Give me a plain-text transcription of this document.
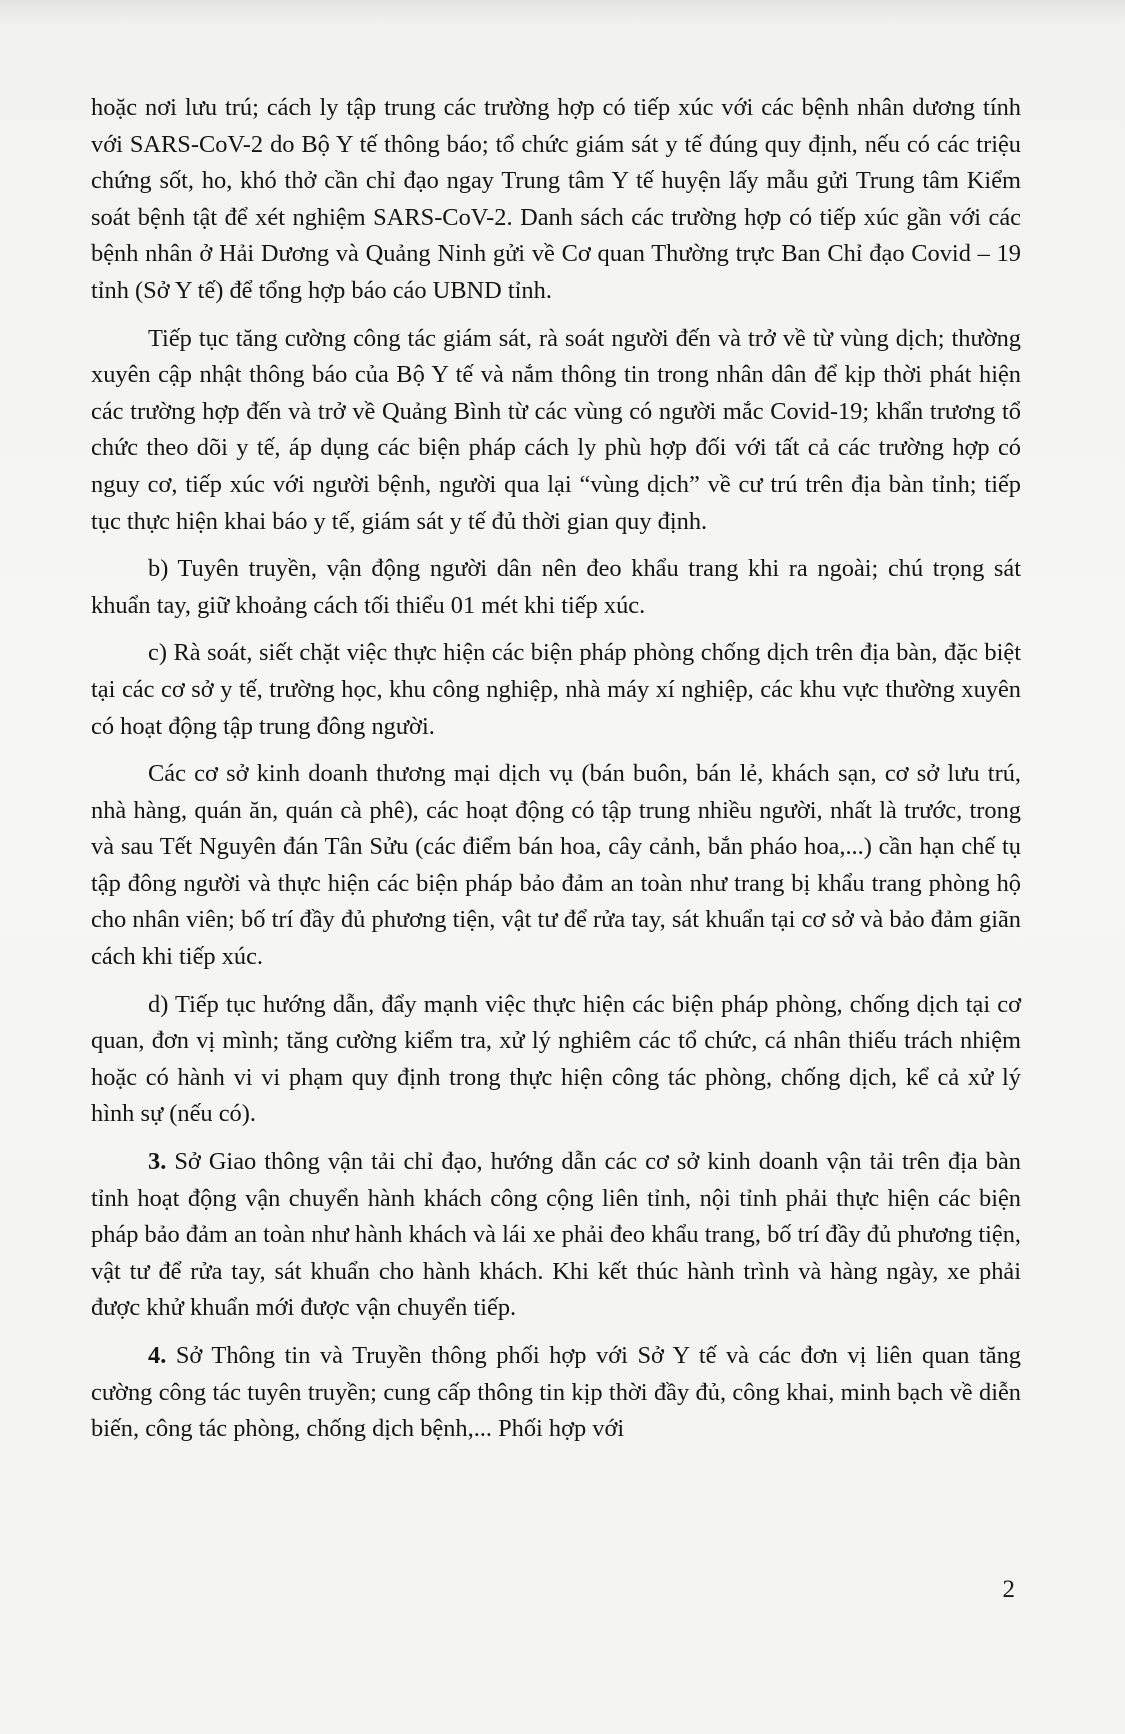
hoặc nơi lưu trú; cách ly tập trung các trường hợp có tiếp xúc với các bệnh nhân dương tính với SARS-CoV-2 do Bộ Y tế thông báo; tổ chức giám sát y tế đúng quy định, nếu có các triệu chứng sốt, ho, khó thở cần chỉ đạo ngay Trung tâm Y tế huyện lấy mẫu gửi Trung tâm Kiểm soát bệnh tật để xét nghiệm SARS-CoV-2. Danh sách các trường hợp có tiếp xúc gần với các bệnh nhân ở Hải Dương và Quảng Ninh gửi về Cơ quan Thường trực Ban Chỉ đạo Covid – 19 tỉnh (Sở Y tế) để tổng hợp báo cáo UBND tỉnh.

Tiếp tục tăng cường công tác giám sát, rà soát người đến và trở về từ vùng dịch; thường xuyên cập nhật thông báo của Bộ Y tế và nắm thông tin trong nhân dân để kịp thời phát hiện các trường hợp đến và trở về Quảng Bình từ các vùng có người mắc Covid-19; khẩn trương tổ chức theo dõi y tế, áp dụng các biện pháp cách ly phù hợp đối với tất cả các trường hợp có nguy cơ, tiếp xúc với người bệnh, người qua lại “vùng dịch” về cư trú trên địa bàn tỉnh; tiếp tục thực hiện khai báo y tế, giám sát y tế đủ thời gian quy định.

b) Tuyên truyền, vận động người dân nên đeo khẩu trang khi ra ngoài; chú trọng sát khuẩn tay, giữ khoảng cách tối thiểu 01 mét khi tiếp xúc.

c) Rà soát, siết chặt việc thực hiện các biện pháp phòng chống dịch trên địa bàn, đặc biệt tại các cơ sở y tế, trường học, khu công nghiệp, nhà máy xí nghiệp, các khu vực thường xuyên có hoạt động tập trung đông người.

Các cơ sở kinh doanh thương mại dịch vụ (bán buôn, bán lẻ, khách sạn, cơ sở lưu trú, nhà hàng, quán ăn, quán cà phê), các hoạt động có tập trung nhiều người, nhất là trước, trong và sau Tết Nguyên đán Tân Sửu (các điểm bán hoa, cây cảnh, bắn pháo hoa,...) cần hạn chế tụ tập đông người và thực hiện các biện pháp bảo đảm an toàn như trang bị khẩu trang phòng hộ cho nhân viên; bố trí đầy đủ phương tiện, vật tư để rửa tay, sát khuẩn tại cơ sở và bảo đảm giãn cách khi tiếp xúc.

d) Tiếp tục hướng dẫn, đẩy mạnh việc thực hiện các biện pháp phòng, chống dịch tại cơ quan, đơn vị mình; tăng cường kiểm tra, xử lý nghiêm các tổ chức, cá nhân thiếu trách nhiệm hoặc có hành vi vi phạm quy định trong thực hiện công tác phòng, chống dịch, kể cả xử lý hình sự (nếu có).

3. Sở Giao thông vận tải chỉ đạo, hướng dẫn các cơ sở kinh doanh vận tải trên địa bàn tỉnh hoạt động vận chuyển hành khách công cộng liên tỉnh, nội tỉnh phải thực hiện các biện pháp bảo đảm an toàn như hành khách và lái xe phải đeo khẩu trang, bố trí đầy đủ phương tiện, vật tư để rửa tay, sát khuẩn cho hành khách. Khi kết thúc hành trình và hàng ngày, xe phải được khử khuẩn mới được vận chuyển tiếp.

4. Sở Thông tin và Truyền thông phối hợp với Sở Y tế và các đơn vị liên quan tăng cường công tác tuyên truyền; cung cấp thông tin kịp thời đầy đủ, công khai, minh bạch về diễn biến, công tác phòng, chống dịch bệnh,... Phối hợp với

2
